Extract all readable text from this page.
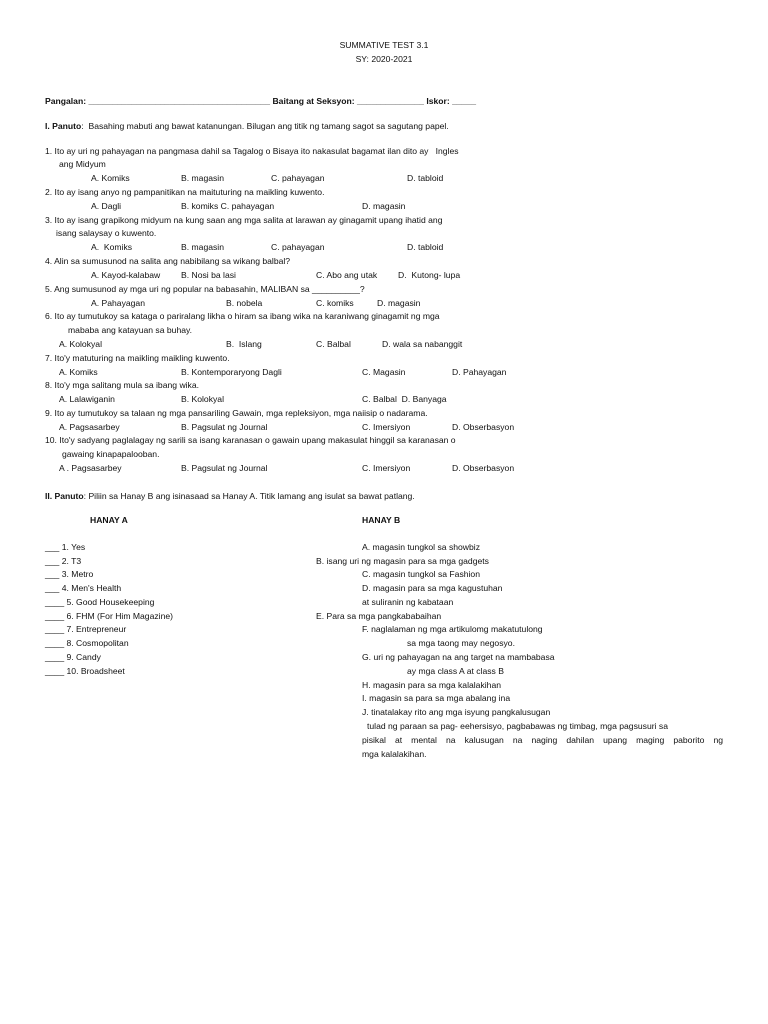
SUMMATIVE TEST 3.1
SY: 2020-2021
Pangalan: ______________________________________ Baitang at Seksyon: ______________ Iskor: _____
I. Panuto:  Basahing mabuti ang bawat katanungan. Bilugan ang titik ng tamang sagot sa sagutang papel.
1. Ito ay uri ng pahayagan na pangmasa dahil sa Tagalog o Bisaya ito nakasulat bagamat ilan dito ay   Ingles
ang Midyum
A. Komiks	B. magasin	C. pahayagan	D. tabloid
2. Ito ay isang anyo ng pampanitikan na maituturing na maikling kuwento.
A. Dagli	B. komiks C. pahayagan	D. magasin
3. Ito ay isang grapikong midyum na kung saan ang mga salita at larawan ay ginagamit upang ihatid ang
isang salaysay o kuwento.
A.  Komiks	B. magasin	C. pahayagan	D. tabloid
4. Alin sa sumusunod na salita ang nabibilang sa wikang balbal?
A. Kayod-kalabaw B. Nosi ba lasi	C. Abo ang utak D.  Kutong- lupa
5. Ang sumusunod ay mga uri ng popular na babasahin, MALIBAN sa __________?
A. Pahayagan	B. nobela	C. komiks	D. magasin
6. Ito ay tumutukoy sa kataga o pariralang likha o hiram sa ibang wika na karaniwang ginagamit ng mga
mababa ang katayuan sa buhay.
A. Kolokyal	B.  Islang	C. Balbal	D. wala sa nabanggit
7. Ito'y matuturing na maikling maikling kuwento.
A. Komiks	B. Kontemporaryong Dagli	C. Magasin	D. Pahayagan
8. Ito'y mga salitang mula sa ibang wika.
A. Lalawiganin	B. Kolokyal	C. Balbal  D. Banyaga
9. Ito ay tumutukoy sa talaan ng mga pansariling Gawain, mga repleksiyon, mga naiisip o nadarama.
A. Pagsasarbey	B. Pagsulat ng Journal	C. Imersiyon	D. Obserbasyon
10. Ito'y sadyang paglalagay ng sarili sa isang karanasan o gawain upang makasulat hinggil sa karanasan o
gawaing kinapapalooban.
A . Pagsasarbey	B. Pagsulat ng Journal	C. Imersiyon	D. Obserbasyon
II. Panuto: Piliin sa Hanay B ang isinasaad sa Hanay A. Titik lamang ang isulat sa bawat patlang.
HANAY A	HANAY B
___ 1. Yes
___ 2. T3
___ 3. Metro
___ 4. Men's Health
____ 5. Good Housekeeping
____ 6. FHM (For Him Magazine)
____ 7. Entrepreneur
____ 8. Cosmopolitan
____ 9. Candy
____ 10. Broadsheet
A. magasin tungkol sa showbiz
B. isang uri ng magasin para sa mga gadgets
C. magasin tungkol sa Fashion
D. magasin para sa mga kagustuhan
at suliranin ng kabataan
E. Para sa mga pangkababaihan
F. naglalaman ng mga artikulomg makatutulong
sa mga taong may negosyo.
G. uri ng pahayagan na ang target na mambabasa
ay mga class A at class B
H. magasin para sa mga kalalakihan
I. magasin sa para sa mga abalang ina
J. tinatalakay rito ang mga isyung pangkalusugan
tulad ng paraan sa pag- eehersisyo, pagbabawas ng timbag, mga pagsusuri sa
pisikal at mental na kalusugan na naging dahilan upang maging paborito ng
mga kalalakihan.
